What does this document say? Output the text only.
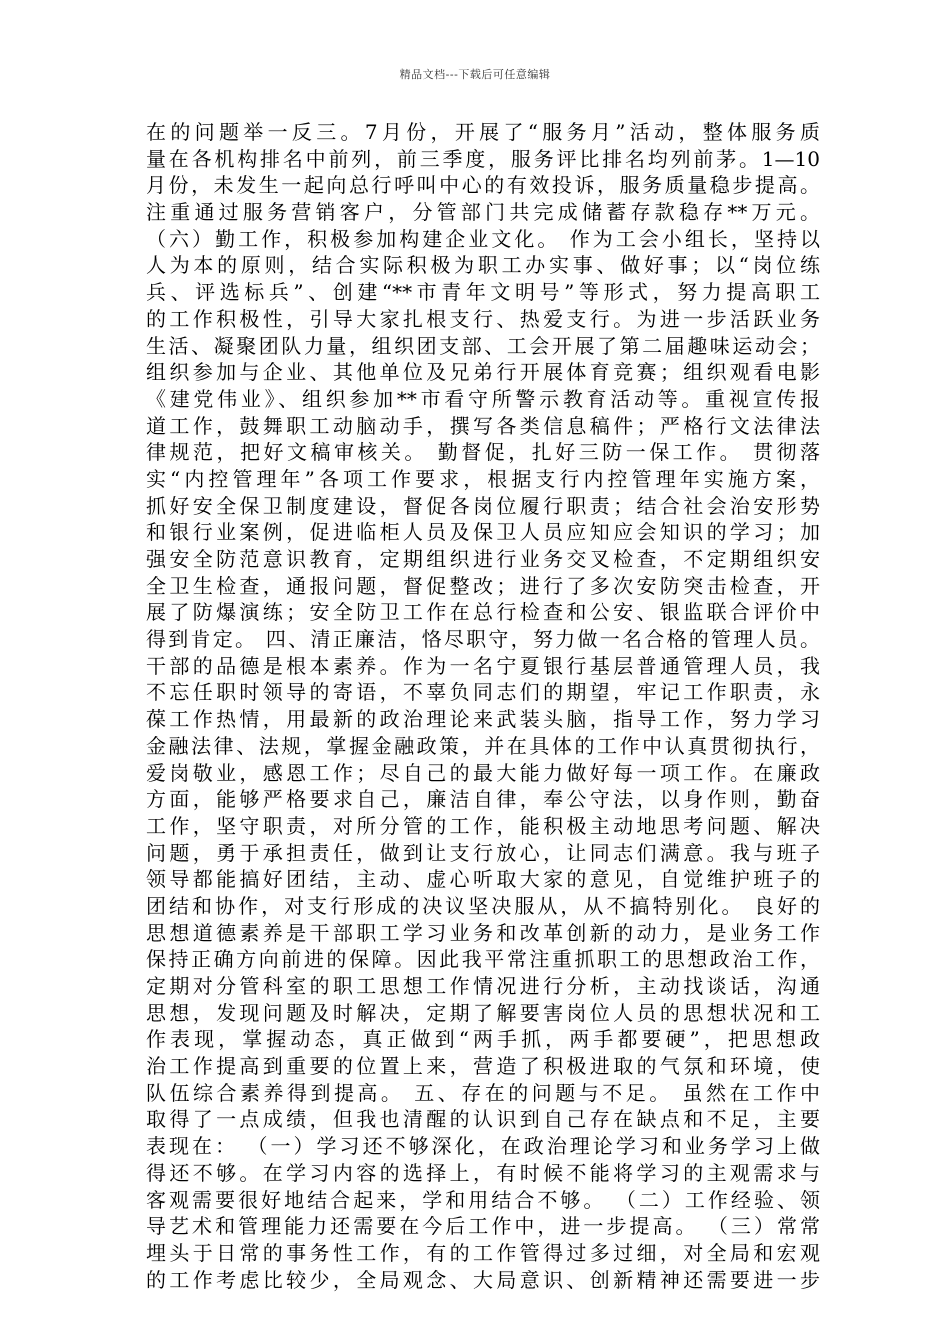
精品文档---下载后可任意编辑
在的问题举一反三。7月份，开展了“服务月”活动，整体服务质
量在各机构排名中前列，前三季度，服务评比排名均列前茅。1—10
月份，未发生一起向总行呼叫中心的有效投诉，服务质量稳步提高。
注重通过服务营销客户，分管部门共完成储蓄存款稳存**万元。
（六）勤工作，积极参加构建企业文化。 作为工会小组长，坚持以
人为本的原则，结合实际积极为职工办实事、做好事；以“岗位练
兵、评选标兵”、创建“**市青年文明号”等形式，努力提高职工
的工作积极性，引导大家扎根支行、热爱支行。为进一步活跃业务
生活、凝聚团队力量，组织团支部、工会开展了第二届趣味运动会；
组织参加与企业、其他单位及兄弟行开展体育竞赛；组织观看电影
《建党伟业》、组织参加**市看守所警示教育活动等。重视宣传报
道工作，鼓舞职工动脑动手，撰写各类信息稿件；严格行文法律法
律规范，把好文稿审核关。 勤督促，扎好三防一保工作。 贯彻落
实“内控管理年”各项工作要求，根据支行内控管理年实施方案，
抓好安全保卫制度建设，督促各岗位履行职责；结合社会治安形势
和银行业案例，促进临柜人员及保卫人员应知应会知识的学习；加
强安全防范意识教育，定期组织进行业务交叉检查，不定期组织安
全卫生检查，通报问题，督促整改；进行了多次安防突击检查，开
展了防爆演练；安全防卫工作在总行检查和公安、银监联合评价中
得到肯定。 四、清正廉洁，恪尽职守，努力做一名合格的管理人员。
干部的品德是根本素养。作为一名宁夏银行基层普通管理人员，我
不忘任职时领导的寄语，不辜负同志们的期望，牢记工作职责，永
葆工作热情，用最新的政治理论来武装头脑，指导工作，努力学习
金融法律、法规，掌握金融政策，并在具体的工作中认真贯彻执行，
爱岗敬业，感恩工作；尽自己的最大能力做好每一项工作。在廉政
方面，能够严格要求自己，廉洁自律，奉公守法，以身作则，勤奋
工作，坚守职责，对所分管的工作，能积极主动地思考问题、解决
问题，勇于承担责任，做到让支行放心，让同志们满意。我与班子
领导都能搞好团结，主动、虚心听取大家的意见，自觉维护班子的
团结和协作，对支行形成的决议坚决服从，从不搞特别化。 良好的
思想道德素养是干部职工学习业务和改革创新的动力，是业务工作
保持正确方向前进的保障。因此我平常注重抓职工的思想政治工作，
定期对分管科室的职工思想工作情况进行分析，主动找谈话，沟通
思想，发现问题及时解决，定期了解要害岗位人员的思想状况和工
作表现，掌握动态，真正做到“两手抓，两手都要硬”，把思想政
治工作提高到重要的位置上来，营造了积极进取的气氛和环境，使
队伍综合素养得到提高。 五、存在的问题与不足。 虽然在工作中
取得了一点成绩，但我也清醒的认识到自己存在缺点和不足，主要
表现在： （一）学习还不够深化，在政治理论学习和业务学习上做
得还不够。在学习内容的选择上，有时候不能将学习的主观需求与
客观需要很好地结合起来，学和用结合不够。 （二）工作经验、领
导艺术和管理能力还需要在今后工作中，进一步提高。 （三）常常
埋头于日常的事务性工作，有的工作管得过多过细，对全局和宏观
的工作考虑比较少，全局观念、大局意识、创新精神还需要进一步
